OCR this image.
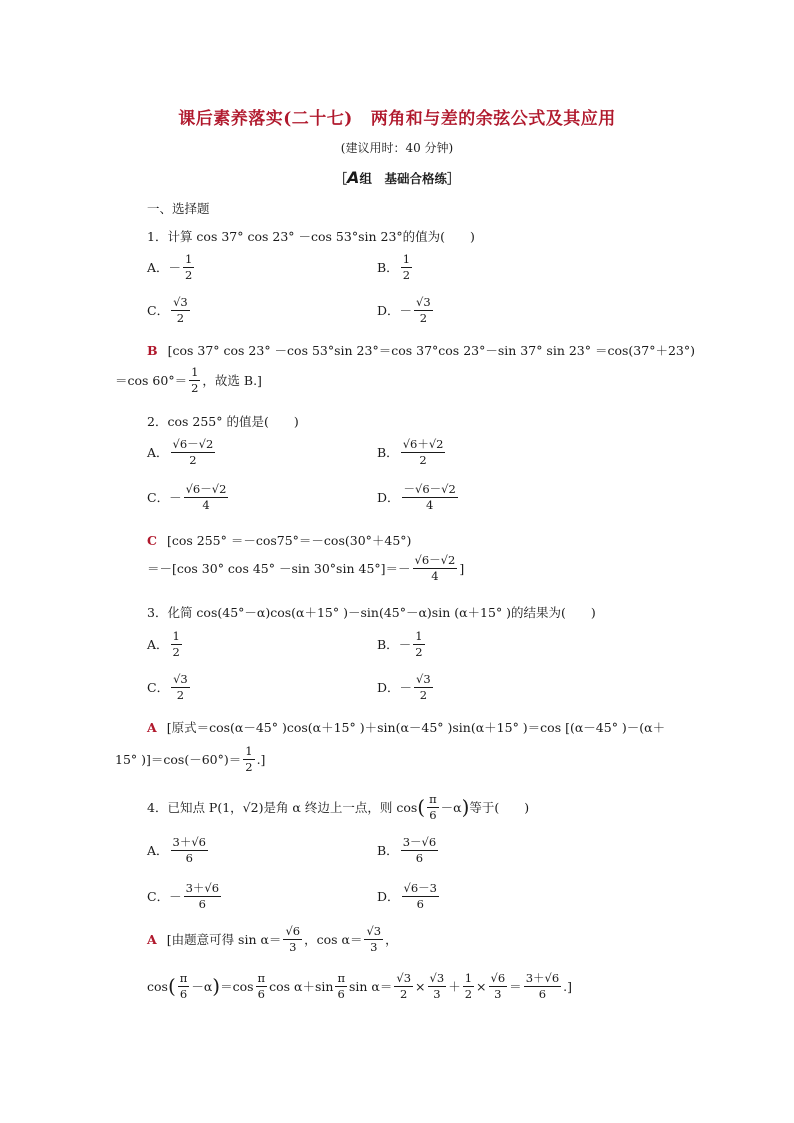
课后素养落实(二十七) 两角和与差的余弦公式及其应用
(建议用时：40 分钟)
［A组　基础合格练］
一、选择题
1．计算 cos 37° cos 23° －cos 53°sin 23°的值为(　　)
A． － $\frac{1}{2}$	B． $\frac{1}{2}$
C． $\frac{√3}{2}$	D． － $\frac{√3}{2}$
B [cos 37° cos 23° －cos 53°sin 23°＝cos 37°cos 23°－sin 37° sin 23° ＝cos(37°＋23°)
＝cos $60^\circ= \frac{1}{2}$ ，故选 B.]
2．cos 255° 的值是(　　)
A． $\frac{√6-√2}{2}$	B． $\frac{√6+√2}{2}$
C． － $\frac{√6-√2}{4}$	D． $\frac{-√6-√2}{4}$
C [cos 255° ＝－cos75°＝－cos(30°＋45°)
＝－[cos 30° cos 45° －sin 30°sin $45^\circ]=- \frac{√6-√2}{4}$ ]
3．化简 cos(45°－α)cos(α＋15° )－sin(45°－α)sin (α＋15° )的结果为(　　)
A． $\frac{1}{2}$	B． － $\frac{1}{2}$
C． $\frac{√3}{2}$	D． － $\frac{√3}{2}$
A [原式＝cos(α－45° )cos(α＋15° )＋sin(α－45° )sin(α＋15° )＝cos [(α－45° )－(α＋
15° )]$=\cos(-60^\circ)= \frac{1}{2}$ .]
4．已知点 P(1，√2)是角 α 终边上一点，则 cos ( $\frac{\pi}{6} -\alpha$ ) 等于(　　)
A． $\frac{3+√6}{6}$	B． $\frac{3-√6}{6}$
C． － $\frac{3+√6}{6}$	D． $\frac{√6-3}{6}$
A [由题意可得 $\sin \alpha= \frac{√6}{3}$ ，$\cos \alpha= \frac{√3}{3}$ ，
cos ( $\frac{\pi}{6} -\alpha$ ) $=\cos \frac{\pi}{6}$ $\cos \alpha+\sin \frac{\pi}{6}$ $\sin \alpha= \frac{√3}{2} \times \frac{√3}{3} + \frac{1}{2} \times \frac{√6}{3} = \frac{3+√6}{6}$ .]
